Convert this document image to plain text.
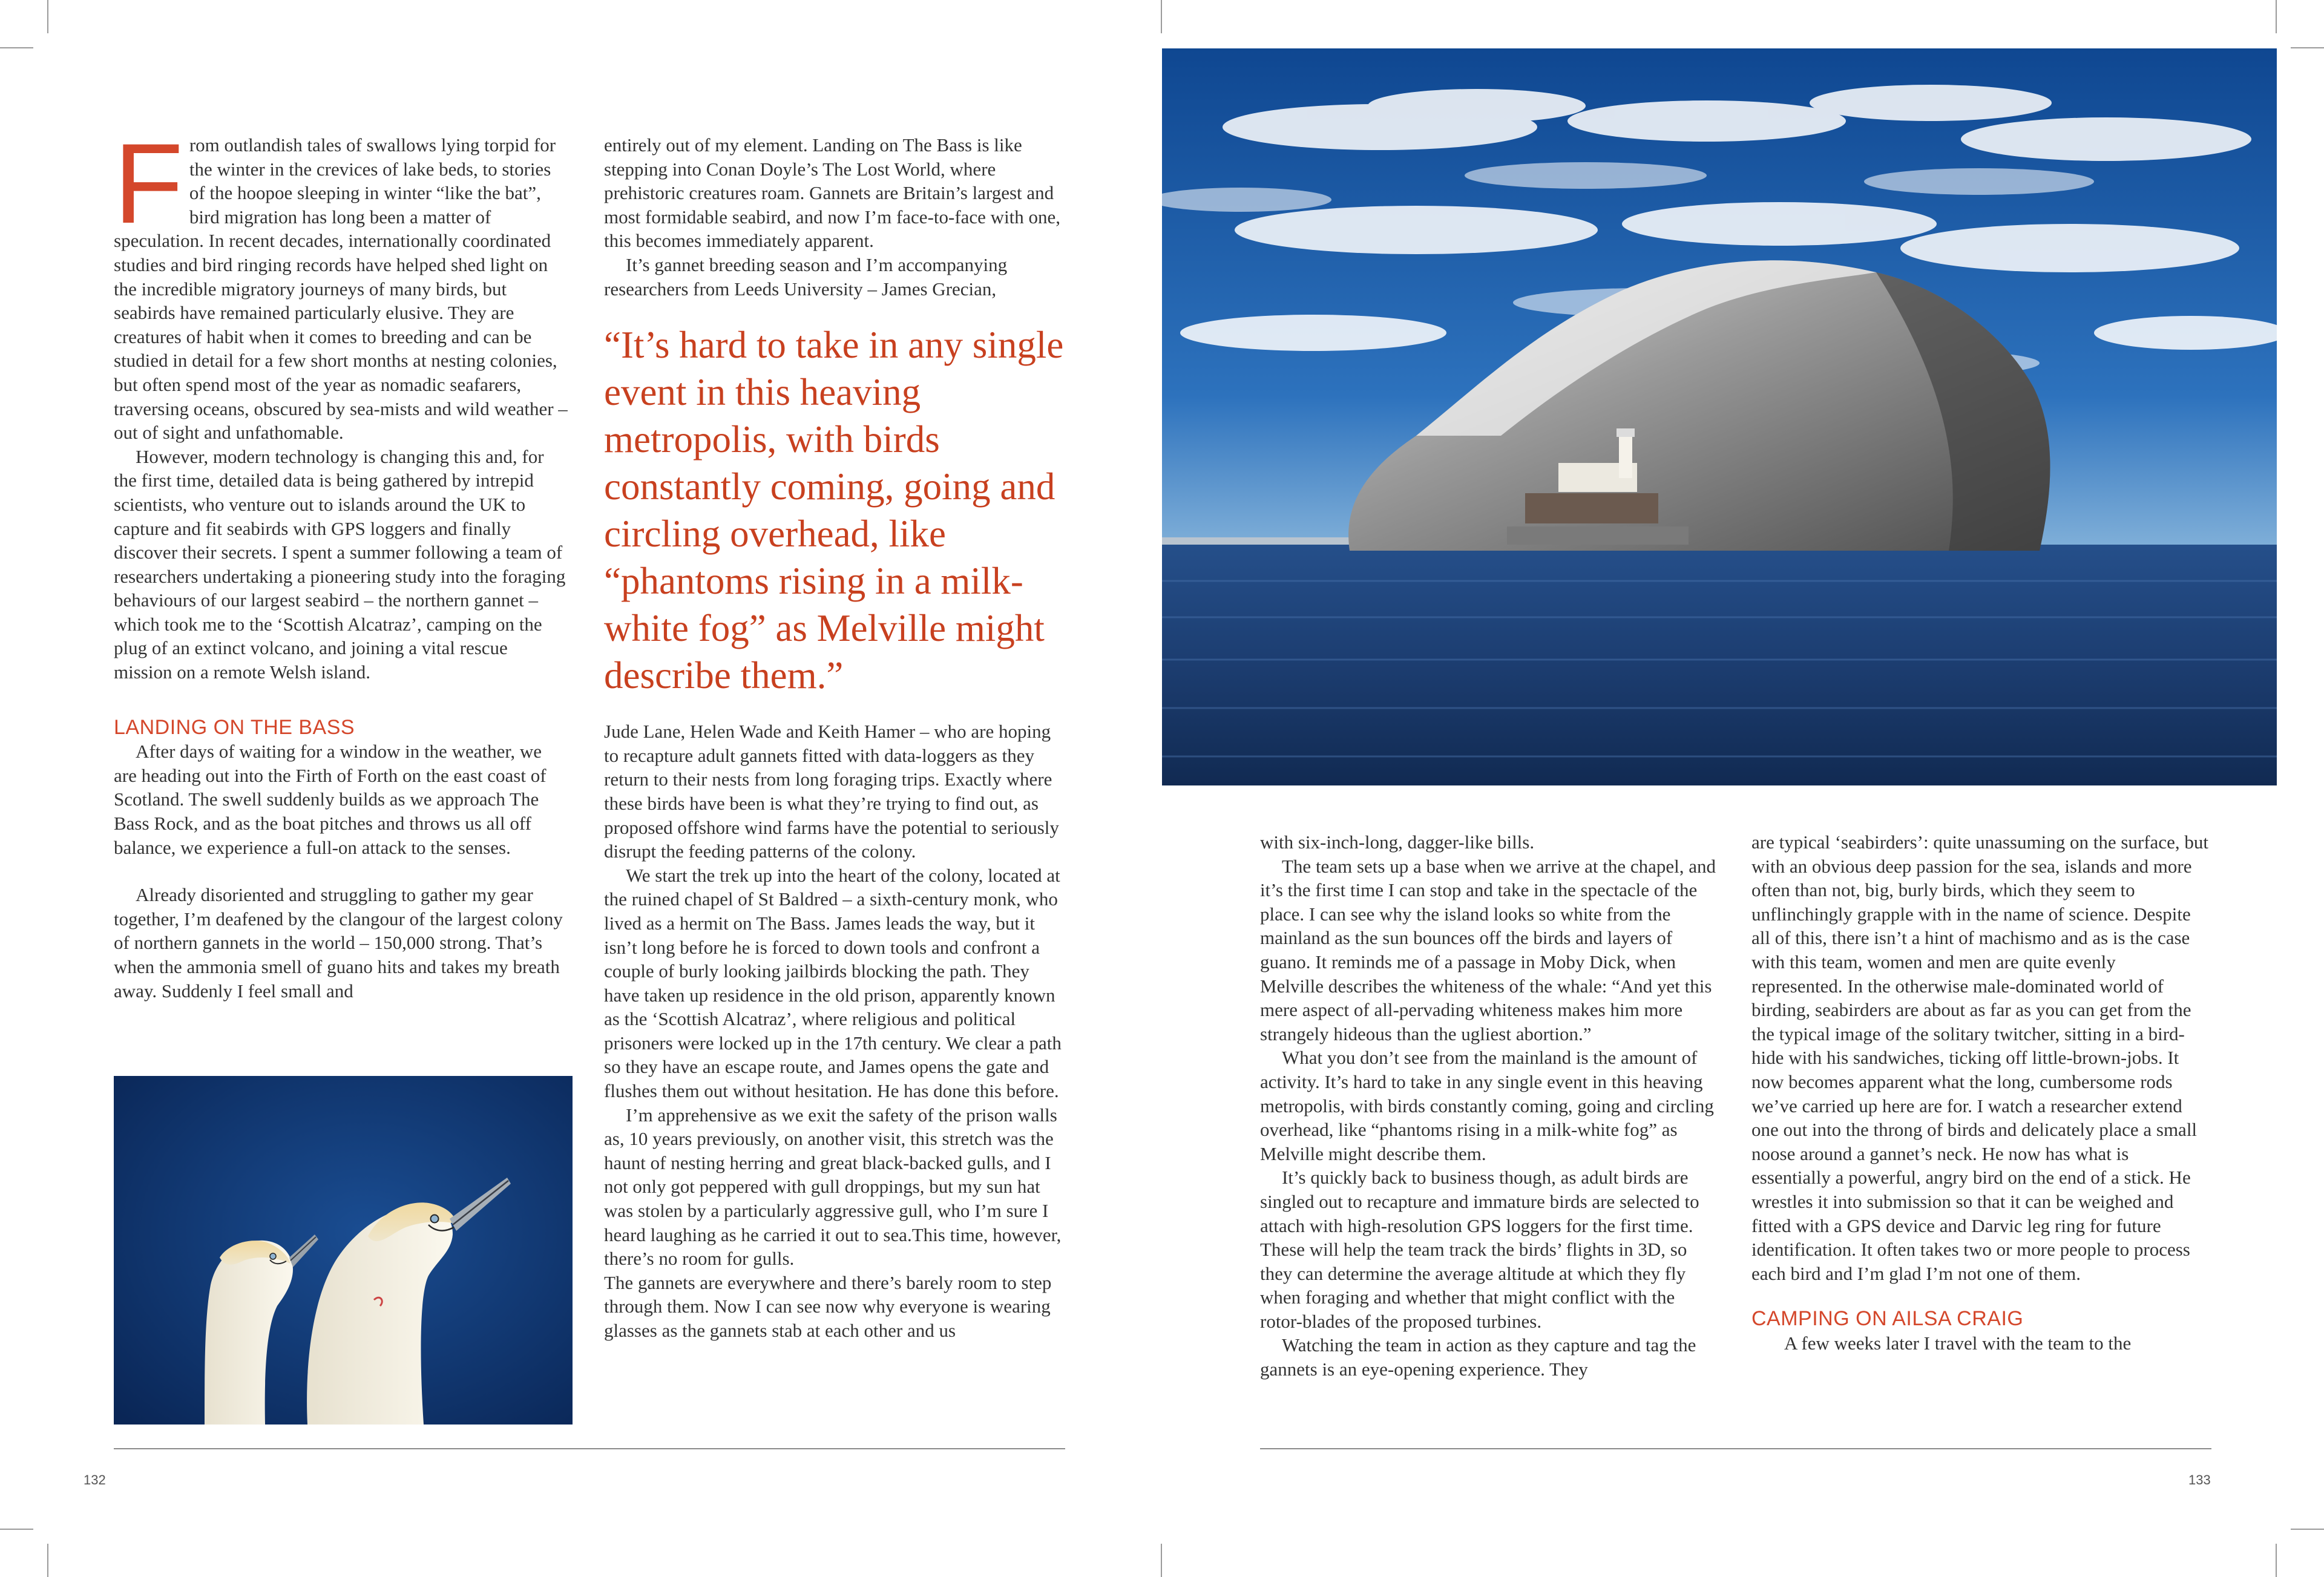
From outlandish tales of swallows lying torpid for the winter in the crevices of lake beds, to stories of the hoopoe sleeping in winter “like the bat”, bird migration has long been a matter of speculation. In recent decades, internationally coordinated studies and bird ringing records have helped shed light on the incredible migratory journeys of many birds, but seabirds have remained particularly elusive. They are creatures of habit when it comes to breeding and can be studied in detail for a few short months at nesting colonies, but often spend most of the year as nomadic seafarers, traversing oceans, obscured by sea-mists and wild weather – out of sight and unfathomable.

However, modern technology is changing this and, for the first time, detailed data is being gathered by intrepid scientists, who venture out to islands around the UK to capture and fit seabirds with GPS loggers and finally discover their secrets. I spent a summer following a team of researchers undertaking a pioneering study into the foraging behaviours of our largest seabird – the northern gannet – which took me to the ‘Scottish Alcatraz’, camping on the plug of an extinct volcano, and joining a vital rescue mission on a remote Welsh island.

LANDING ON THE BASS

After days of waiting for a window in the weather, we are heading out into the Firth of Forth on the east coast of Scotland. The swell suddenly builds as we approach The Bass Rock, and as the boat pitches and throws us all off balance, we experience a full-on attack to the senses.

Already disoriented and struggling to gather my gear together, I’m deafened by the clangour of the largest colony of northern gannets in the world – 150,000 strong. That’s when the ammonia smell of guano hits and takes my breath away. Suddenly I feel small and

entirely out of my element. Landing on The Bass is like stepping into Conan Doyle’s The Lost World, where prehistoric creatures roam. Gannets are Britain’s largest and most formidable seabird, and now I’m face-to-face with one, this becomes immediately apparent.

It’s gannet breeding season and I’m accompanying researchers from Leeds University – James Grecian,

“It’s hard to take in any single event in this heaving metropolis, with birds constantly coming, going and circling overhead, like “phantoms rising in a milk-white fog” as Melville might describe them.”

Jude Lane, Helen Wade and Keith Hamer – who are hoping to recapture adult gannets fitted with data-loggers as they return to their nests from long foraging trips. Exactly where these birds have been is what they’re trying to find out, as proposed offshore wind farms have the potential to seriously disrupt the feeding patterns of the colony.

We start the trek up into the heart of the colony, located at the ruined chapel of St Baldred – a sixth-century monk, who lived as a hermit on The Bass. James leads the way, but it isn’t long before he is forced to down tools and confront a couple of burly looking jailbirds blocking the path. They have taken up residence in the old prison, apparently known as the ‘Scottish Alcatraz’, where religious and political prisoners were locked up in the 17th century. We clear a path so they have an escape route, and James opens the gate and flushes them out without hesitation. He has done this before.

I’m apprehensive as we exit the safety of the prison walls as, 10 years previously, on another visit, this stretch was the haunt of nesting herring and great black-backed gulls, and I not only got peppered with gull droppings, but my sun hat was stolen by a particularly aggressive gull, who I’m sure I heard laughing as he carried it out to sea.This time, however, there’s no room for gulls.

The gannets are everywhere and there’s barely room to step through them. Now I can see now why everyone is wearing glasses as the gannets stab at each other and us

132

with six-inch-long, dagger-like bills.

The team sets up a base when we arrive at the chapel, and it’s the first time I can stop and take in the spectacle of the place. I can see why the island looks so white from the mainland as the sun bounces off the birds and layers of guano. It reminds me of a passage in Moby Dick, when Melville describes the whiteness of the whale: “And yet this mere aspect of all-pervading whiteness makes him more strangely hideous than the ugliest abortion.”

What you don’t see from the mainland is the amount of activity. It’s hard to take in any single event in this heaving metropolis, with birds constantly coming, going and circling overhead, like “phantoms rising in a milk-white fog” as Melville might describe them.

It’s quickly back to business though, as adult birds are singled out to recapture and immature birds are selected to attach with high-resolution GPS loggers for the first time. These will help the team track the birds’ flights in 3D, so they can determine the average altitude at which they fly when foraging and whether that might conflict with the rotor-blades of the proposed turbines.

Watching the team in action as they capture and tag the gannets is an eye-opening experience. They

are typical ‘seabirders’: quite unassuming on the surface, but with an obvious deep passion for the sea, islands and more often than not, big, burly birds, which they seem to unflinchingly grapple with in the name of science. Despite all of this, there isn’t a hint of machismo and as is the case with this team, women and men are quite evenly represented. In the otherwise male-dominated world of birding, seabirders are about as far as you can get from the the typical image of the solitary twitcher, sitting in a bird-hide with his sandwiches, ticking off little-brown-jobs. It now becomes apparent what the long, cumbersome rods we’ve carried up here are for. I watch a researcher extend one out into the throng of birds and delicately place a small noose around a gannet’s neck. He now has what is essentially a powerful, angry bird on the end of a stick. He wrestles it into submission so that it can be weighed and fitted with a GPS device and Darvic leg ring for future identification. It often takes two or more people to process each bird and I’m glad I’m not one of them.

CAMPING ON AILSA CRAIG

A few weeks later I travel with the team to the

133
